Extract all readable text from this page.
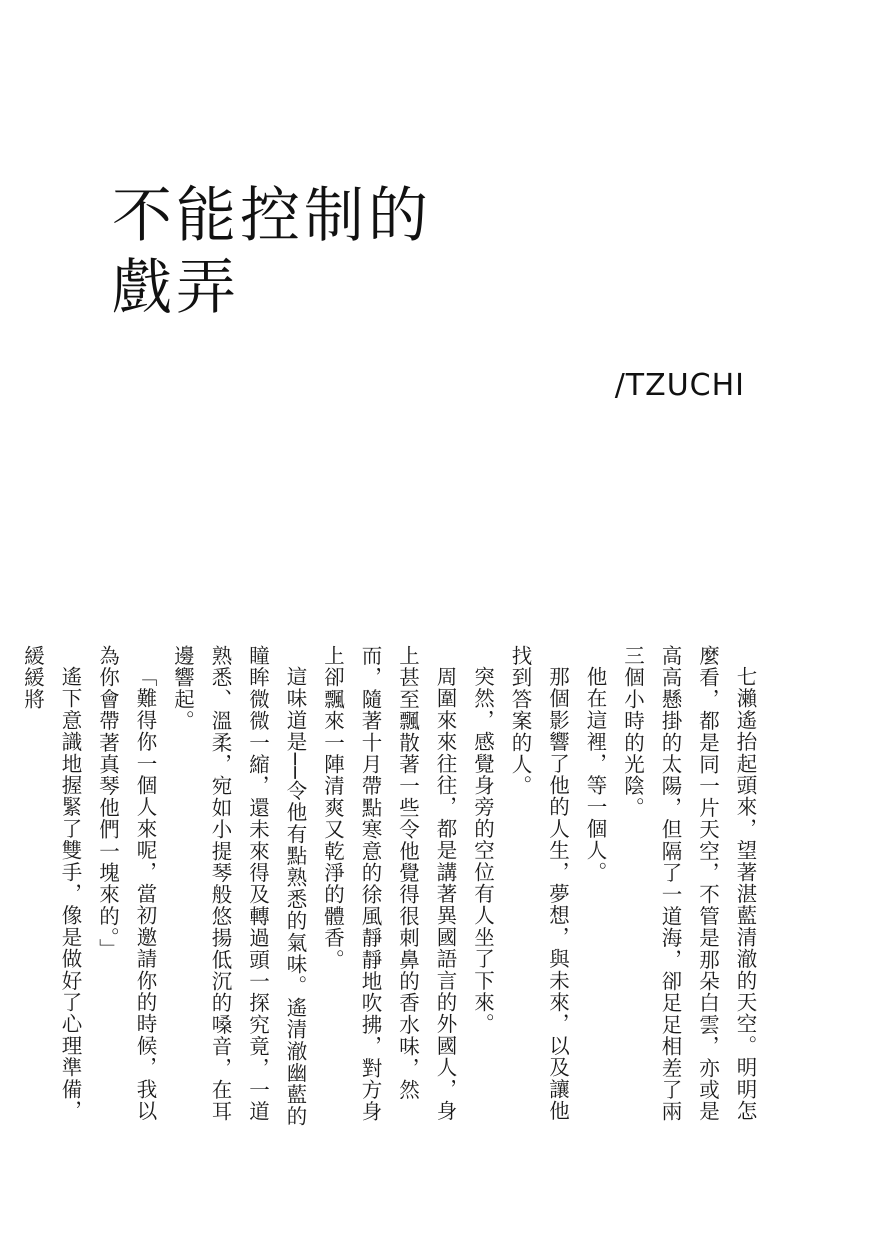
不能控制的
戲弄
/TZUCHI

七瀨遙抬起頭來，望著湛藍清澈的天空。明明怎麼看，都是同一片天空，不管是那朵白雲，亦或是高高懸掛的太陽，但隔了一道海，卻足足相差了兩三個小時的光陰。

他在這裡，等一個人。

那個影響了他的人生，夢想，與未來，以及讓他找到答案的人。

突然，感覺身旁的空位有人坐了下來。

周圍來來往往，都是講著異國語言的外國人，身上甚至飄散著一些令他覺得很刺鼻的香水味，然而，隨著十月帶點寒意的徐風靜靜地吹拂，對方身上卻飄來一陣清爽又乾淨的體香。

這味道是──令他有點熟悉的氣味。遙清澈幽藍的瞳眸微微一縮，還未來得及轉過頭一探究竟，一道熟悉、溫柔，宛如小提琴般悠揚低沉的嗓音，在耳邊響起。

「難得你一個人來呢，當初邀請你的時候，我以為你會帶著真琴他們一塊來的。」

遙下意識地握緊了雙手，像是做好了心理準備，緩緩將
